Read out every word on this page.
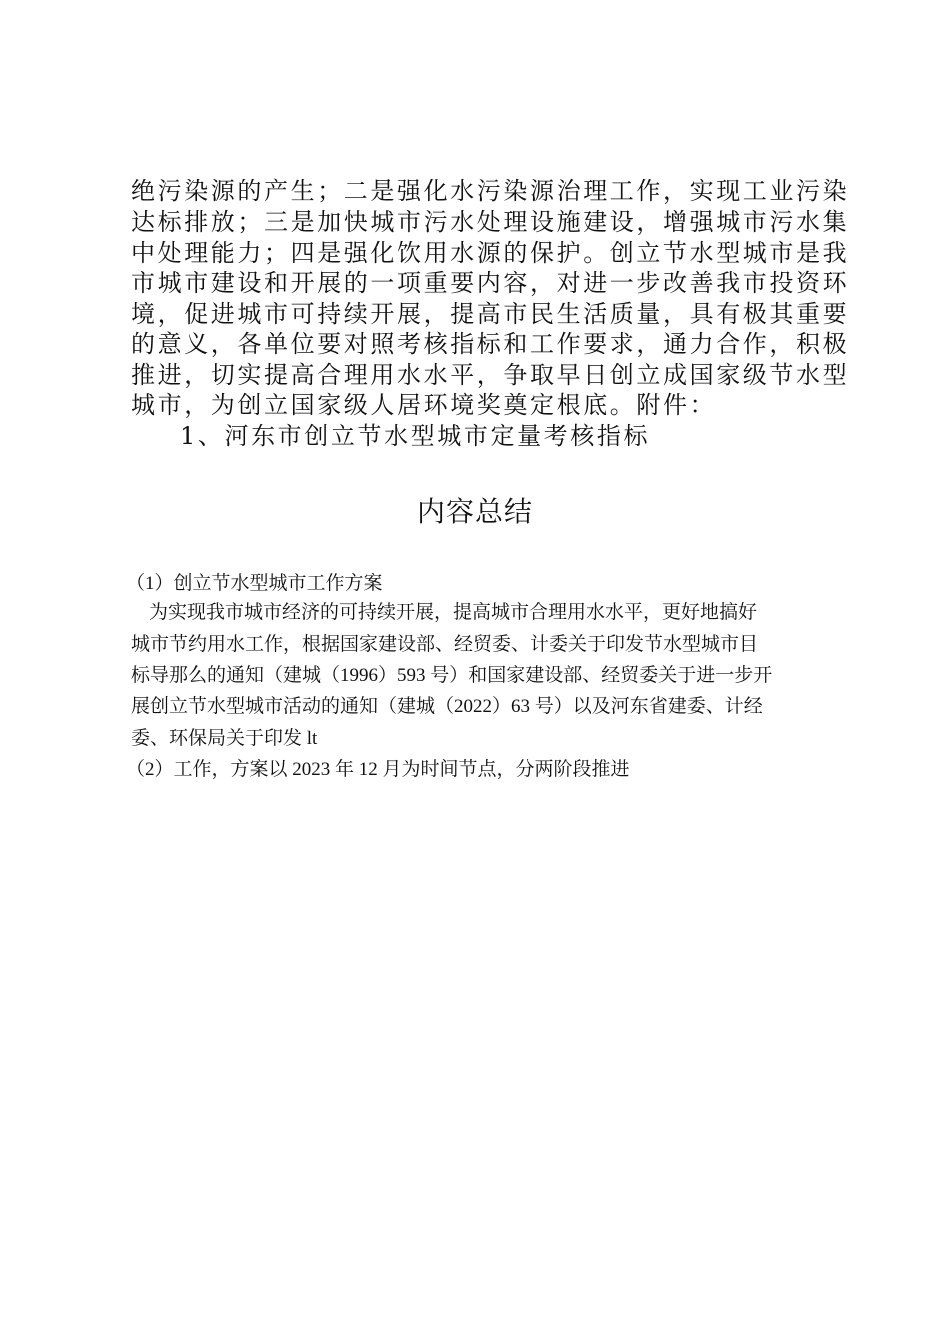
绝污染源的产生；二是强化水污染源治理工作，实现工业污染

达标排放；三是加快城市污水处理设施建设，增强城市污水集

中处理能力；四是强化饮用水源的保护。创立节水型城市是我

市城市建设和开展的一项重要内容，对进一步改善我市投资环

境，促进城市可持续开展，提高市民生活质量，具有极其重要

的意义，各单位要对照考核指标和工作要求，通力合作，积极

推进，切实提高合理用水水平，争取早日创立成国家级节水型

城市，为创立国家级人居环境奖奠定根底。附件：

1、河东市创立节水型城市定量考核指标

内容总结

（1）创立节水型城市工作方案

为实现我市城市经济的可持续开展，提高城市合理用水水平，更好地搞好

城市节约用水工作，根据国家建设部、经贸委、计委关于印发节水型城市目

标导那么的通知（建城（1996）593 号）和国家建设部、经贸委关于进一步开

展创立节水型城市活动的通知（建城（2022）63 号）以及河东省建委、计经

委、环保局关于印发 lt

（2）工作，方案以 2023 年 12 月为时间节点，分两阶段推进
